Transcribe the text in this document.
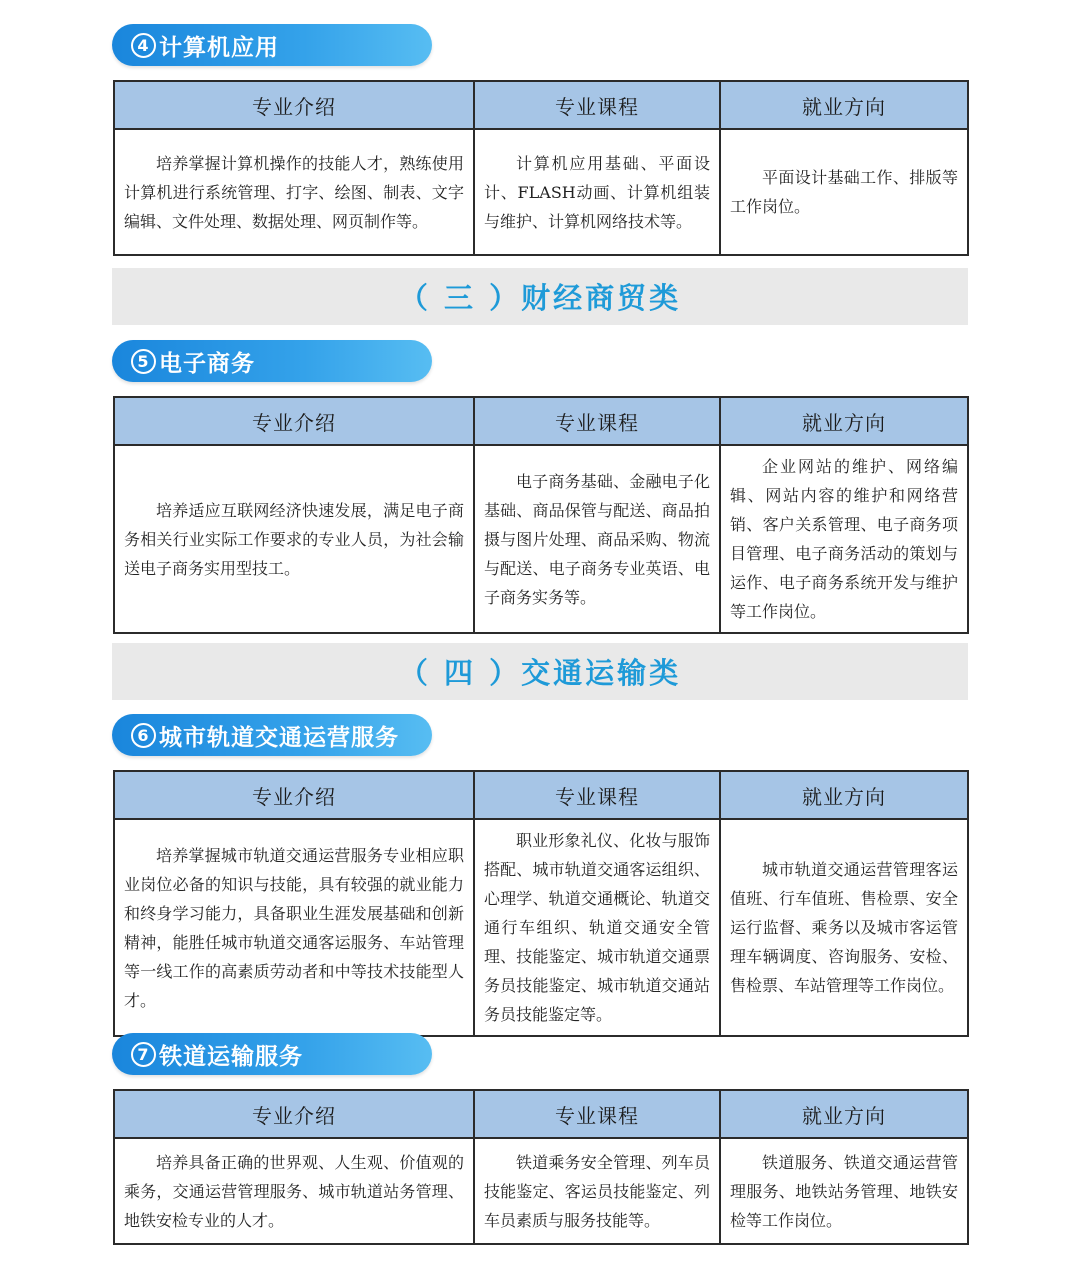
4 计算机应用
专业介绍	专业课程	就业方向
培养掌握计算机操作的技能人才，熟练使用计算机进行系统管理、打字、绘图、制表、文字编辑、文件处理、数据处理、网页制作等。	计算机应用基础、平面设计、FLASH动画、计算机组装与维护、计算机网络技术等。	平面设计基础工作、排版等工作岗位。
（ 三 ）财经商贸类
5 电子商务
专业介绍	专业课程	就业方向
培养适应互联网经济快速发展，满足电子商务相关行业实际工作要求的专业人员，为社会输送电子商务实用型技工。	电子商务基础、金融电子化基础、商品保管与配送、商品拍摄与图片处理、商品采购、物流与配送、电子商务专业英语、电子商务实务等。	企业网站的维护、网络编辑、网站内容的维护和网络营销、客户关系管理、电子商务项目管理、电子商务活动的策划与运作、电子商务系统开发与维护等工作岗位。
（ 四 ）交通运输类
6 城市轨道交通运营服务
专业介绍	专业课程	就业方向
培养掌握城市轨道交通运营服务专业相应职业岗位必备的知识与技能，具有较强的就业能力和终身学习能力，具备职业生涯发展基础和创新精神，能胜任城市轨道交通客运服务、车站管理等一线工作的高素质劳动者和中等技术技能型人才。	职业形象礼仪、化妆与服饰搭配、城市轨道交通客运组织、心理学、轨道交通概论、轨道交通行车组织、轨道交通安全管理、技能鉴定、城市轨道交通票务员技能鉴定、城市轨道交通站务员技能鉴定等。	城市轨道交通运营管理客运值班、行车值班、售检票、安全运行监督、乘务以及城市客运管理车辆调度、咨询服务、安检、售检票、车站管理等工作岗位。
7 铁道运输服务
专业介绍	专业课程	就业方向
培养具备正确的世界观、人生观、价值观的乘务，交通运营管理服务、城市轨道站务管理、地铁安检专业的人才。	铁道乘务安全管理、列车员技能鉴定、客运员技能鉴定、列车员素质与服务技能等。	铁道服务、铁道交通运营管理服务、地铁站务管理、地铁安检等工作岗位。
